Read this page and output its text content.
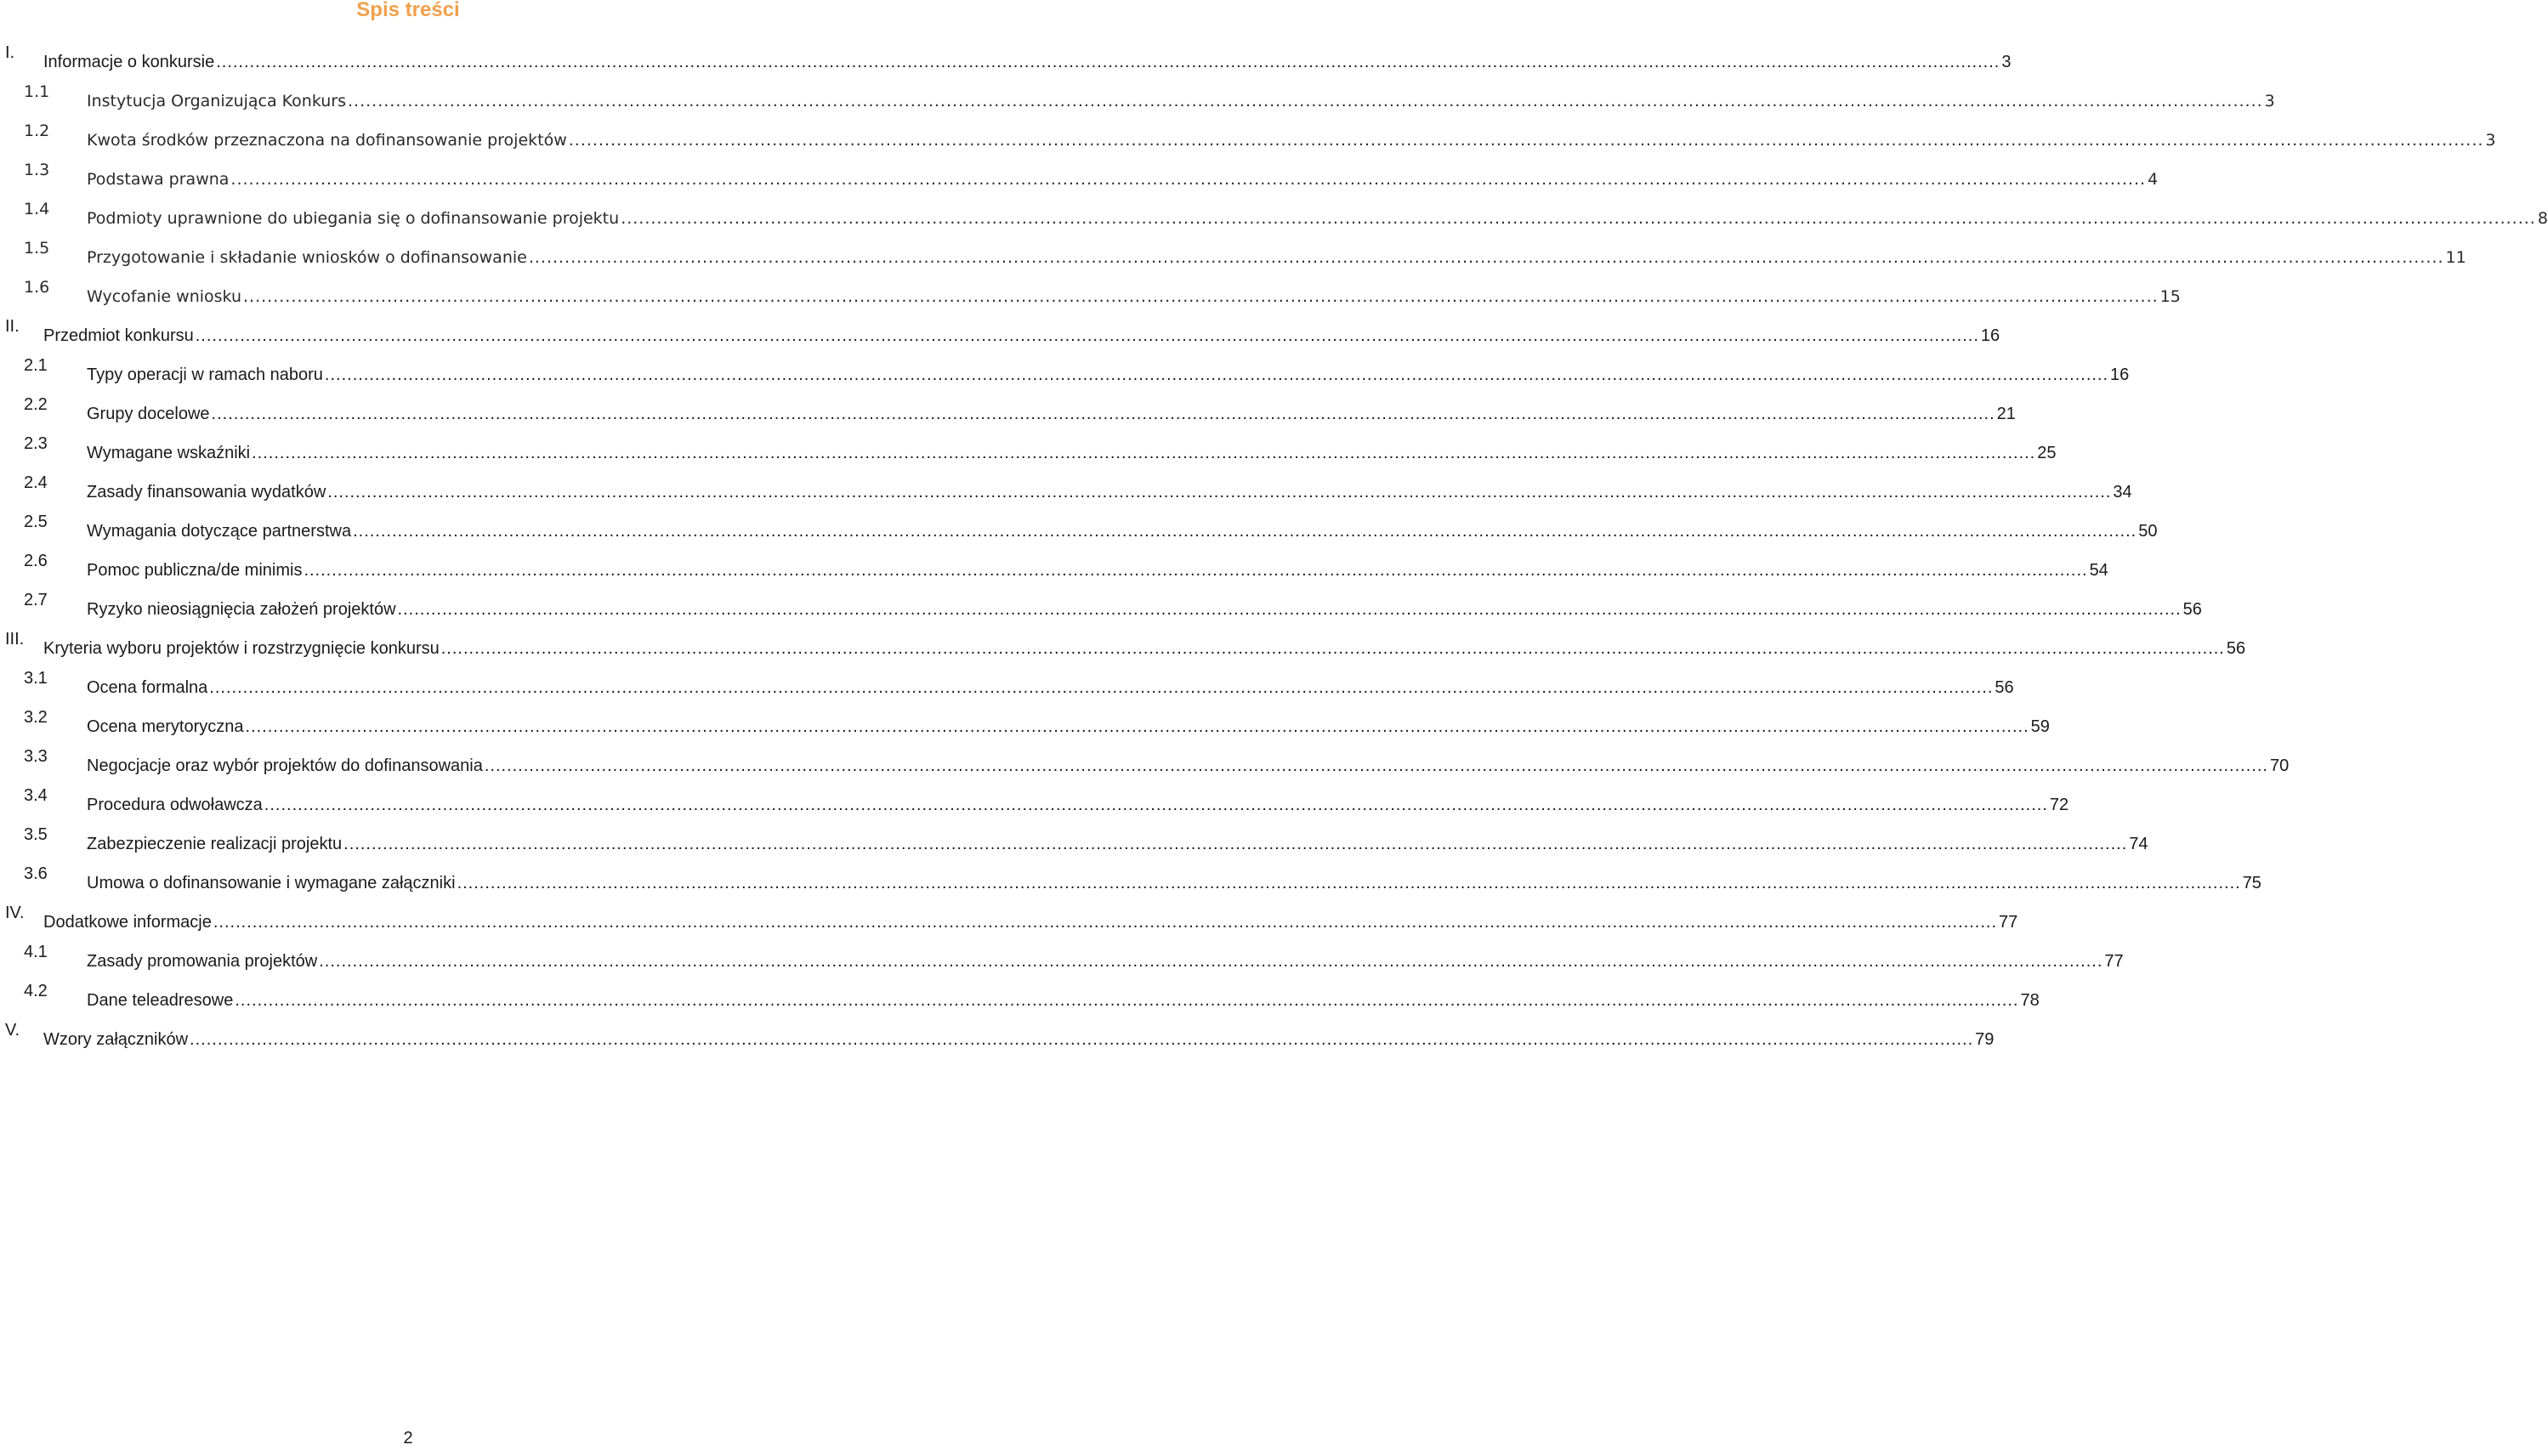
Spis treści
I. Informacje o konkursie ................................................................................................................................................................................................................................................................................................................................ 3
1.1 Instytucja Organizująca Konkurs ................................................................................................................................................................................................................................................................................................................................ 3
1.2 Kwota środków przeznaczona na dofinansowanie projektów ................................................................................................................................................................................................................................................................................................................................ 3
1.3 Podstawa prawna ................................................................................................................................................................................................................................................................................................................................ 4
1.4 Podmioty uprawnione do ubiegania się o dofinansowanie projektu ................................................................................................................................................................................................................................................................................................................................ 8
1.5 Przygotowanie i składanie wniosków o dofinansowanie ................................................................................................................................................................................................................................................................................................................................ 11
1.6 Wycofanie wniosku ................................................................................................................................................................................................................................................................................................................................ 15
II. Przedmiot konkursu ................................................................................................................................................................................................................................................................................................................................ 16
2.1 Typy operacji w ramach naboru ................................................................................................................................................................................................................................................................................................................................ 16
2.2 Grupy docelowe ................................................................................................................................................................................................................................................................................................................................ 21
2.3 Wymagane wskaźniki ................................................................................................................................................................................................................................................................................................................................ 25
2.4 Zasady finansowania wydatków ................................................................................................................................................................................................................................................................................................................................ 34
2.5 Wymagania dotyczące partnerstwa ................................................................................................................................................................................................................................................................................................................................ 50
2.6 Pomoc publiczna/de minimis ................................................................................................................................................................................................................................................................................................................................ 54
2.7 Ryzyko nieosiągnięcia założeń projektów ................................................................................................................................................................................................................................................................................................................................ 56
III. Kryteria wyboru projektów i rozstrzygnięcie konkursu ................................................................................................................................................................................................................................................................................................................................ 56
3.1 Ocena formalna ................................................................................................................................................................................................................................................................................................................................ 56
3.2 Ocena merytoryczna ................................................................................................................................................................................................................................................................................................................................ 59
3.3 Negocjacje oraz wybór projektów do dofinansowania ................................................................................................................................................................................................................................................................................................................................ 70
3.4 Procedura odwoławcza ................................................................................................................................................................................................................................................................................................................................ 72
3.5 Zabezpieczenie realizacji projektu ................................................................................................................................................................................................................................................................................................................................ 74
3.6 Umowa o dofinansowanie i wymagane załączniki ................................................................................................................................................................................................................................................................................................................................ 75
IV. Dodatkowe informacje ................................................................................................................................................................................................................................................................................................................................ 77
4.1 Zasady promowania projektów ................................................................................................................................................................................................................................................................................................................................ 77
4.2 Dane teleadresowe ................................................................................................................................................................................................................................................................................................................................ 78
V. Wzory załączników ................................................................................................................................................................................................................................................................................................................................ 79
2
